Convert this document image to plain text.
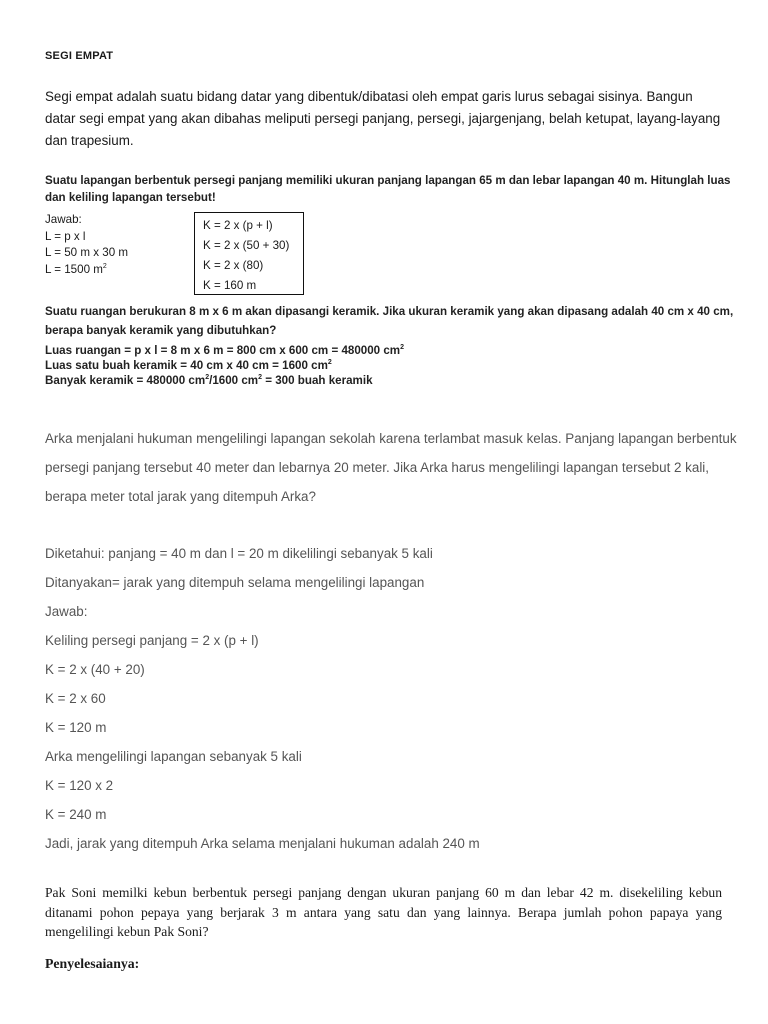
SEGI EMPAT
Segi empat adalah suatu bidang datar yang dibentuk/dibatasi oleh empat garis lurus sebagai sisinya. Bangun datar segi empat yang akan dibahas meliputi persegi panjang, persegi, jajargenjang, belah ketupat, layang-layang dan trapesium.
Suatu lapangan berbentuk persegi panjang memiliki ukuran panjang lapangan 65 m dan lebar lapangan 40 m. Hitunglah luas dan keliling lapangan tersebut!
Jawab:
L = p x l
L = 50 m x 30 m
L = 1500 $m^2$
K = 2 x (p + l)
K = 2 x (50 + 30)
K = 2 x (80)
K = 160 m
Suatu ruangan berukuran 8 m x 6 m akan dipasangi keramik. Jika ukuran keramik yang akan dipasang adalah 40 cm x 40 cm, berapa banyak keramik yang dibutuhkan?
Luas ruangan = p x l = 8 m x 6 m = 800 cm x 600 cm = 480000 $cm^2$
Luas satu buah keramik = 40 cm x 40 cm = 1600 $cm^2$
Banyak keramik = 480000 $cm^2/1600$ $cm^2 = 300$ buah keramik
Arka menjalani hukuman mengelilingi lapangan sekolah karena terlambat masuk kelas. Panjang lapangan berbentuk persegi panjang tersebut 40 meter dan lebarnya 20 meter. Jika Arka harus mengelilingi lapangan tersebut 2 kali, berapa meter total jarak yang ditempuh Arka?
Diketahui: panjang = 40 m dan l = 20 m dikelilingi sebanyak 5 kali
Ditanyakan= jarak yang ditempuh selama mengelilingi lapangan
Jawab:
Keliling persegi panjang = 2 x (p + l)
K = 2 x (40 + 20)
K = 2 x 60
K = 120 m
Arka mengelilingi lapangan sebanyak 5 kali
K = 120 x 2
K = 240 m
Jadi, jarak yang ditempuh Arka selama menjalani hukuman adalah 240 m
Pak Soni memilki kebun berbentuk persegi panjang dengan ukuran panjang 60 m dan lebar 42 m. disekeliling kebun ditanami pohon pepaya yang berjarak 3 m antara yang satu dan yang lainnya. Berapa jumlah pohon papaya yang mengelilingi kebun Pak Soni?
Penyelesaianya:
